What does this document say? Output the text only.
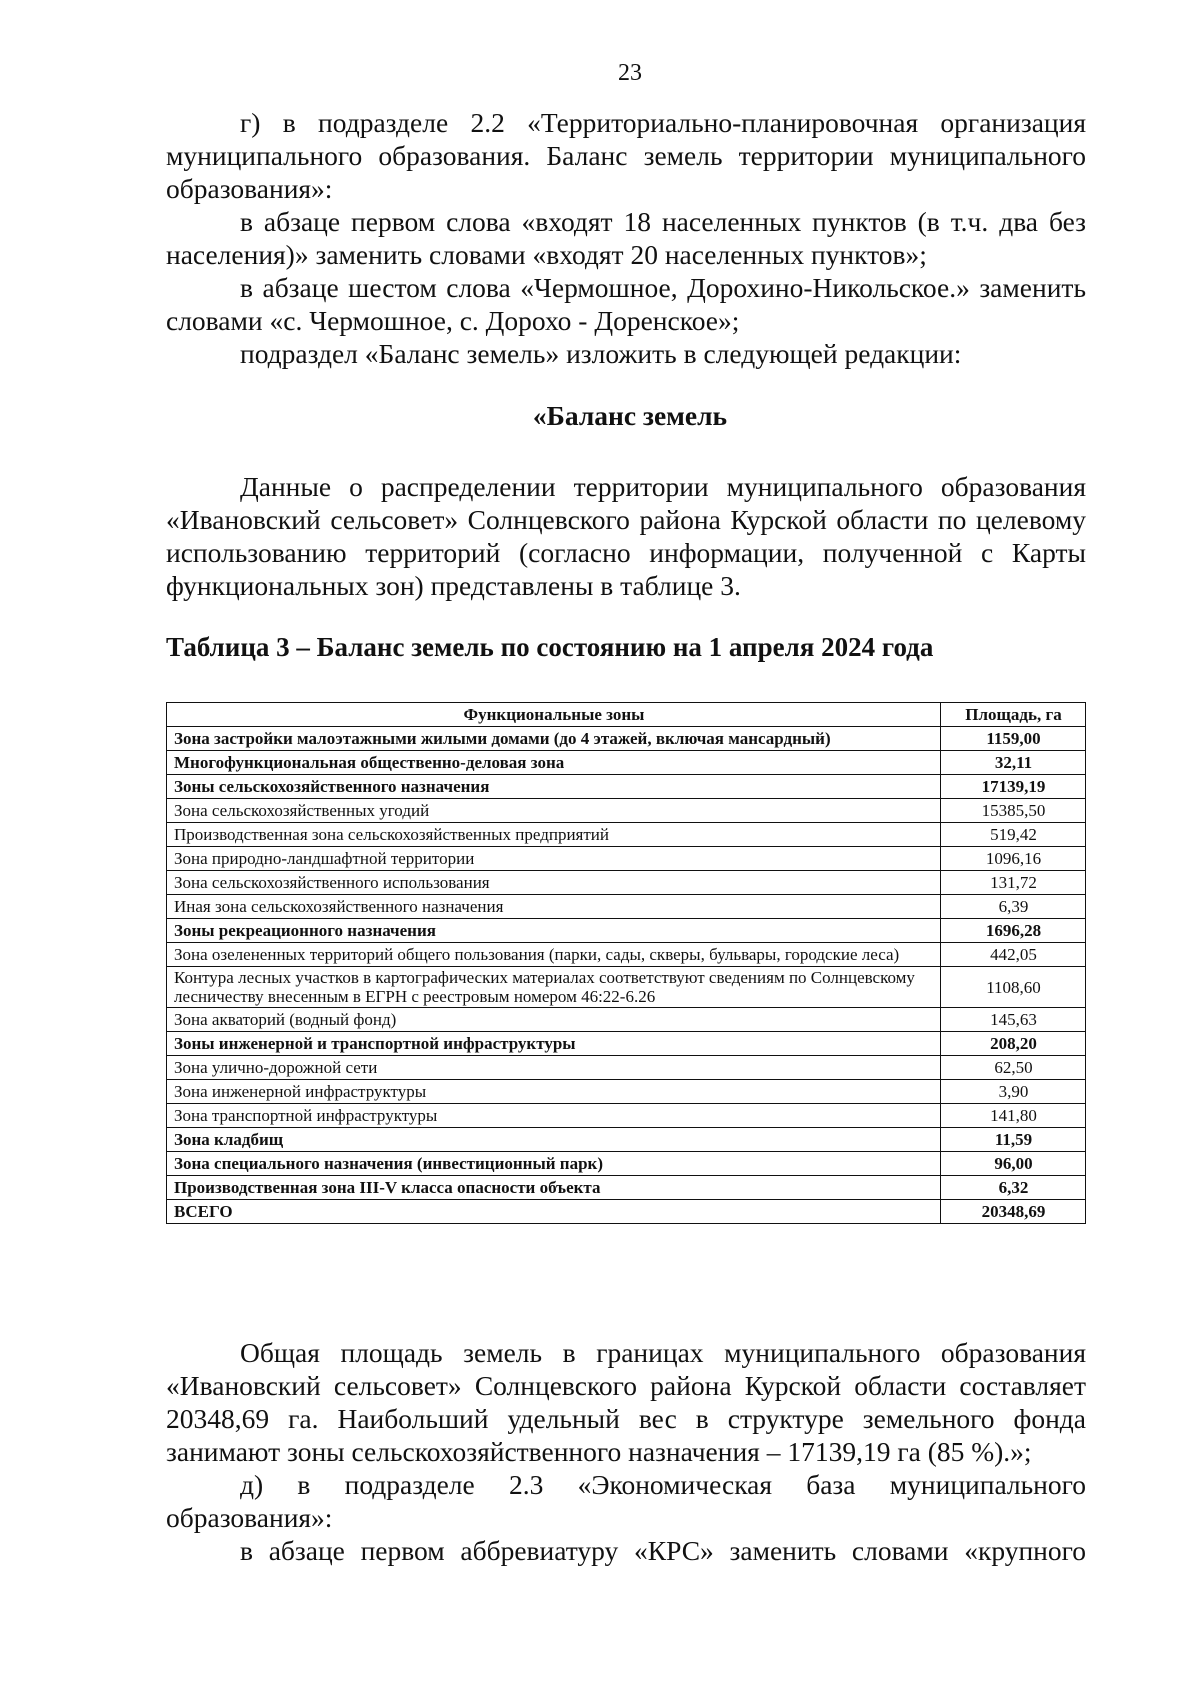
23

г) в подразделе 2.2 «Территориально-планировочная организация муниципального образования. Баланс земель территории муниципального образования»:

в абзаце первом слова «входят 18 населенных пунктов (в т.ч. два без населения)» заменить словами «входят 20 населенных пунктов»;

в абзаце шестом слова «Чермошное, Дорохино-Никольское.» заменить словами «с. Чермошное, с. Дорохо - Доренское»;

подраздел «Баланс земель» изложить в следующей редакции:

«Баланс земель

Данные о распределении территории муниципального образования «Ивановский сельсовет» Солнцевского района Курской области по целевому использованию территорий (согласно информации, полученной с Карты функциональных зон) представлены в таблице 3.

Таблица 3 – Баланс земель по состоянию на 1 апреля 2024 года
Функциональные зоны	Площадь, га
Зона застройки малоэтажными жилыми домами (до 4 этажей, включая мансардный)	1159,00
Многофункциональная общественно-деловая зона	32,11
Зоны сельскохозяйственного назначения	17139,19
Зона сельскохозяйственных угодий	15385,50
Производственная зона сельскохозяйственных предприятий	519,42
Зона природно-ландшафтной территории	1096,16
Зона сельскохозяйственного использования	131,72
Иная зона сельскохозяйственного назначения	6,39
Зоны рекреационного назначения	1696,28
Зона озелененных территорий общего пользования (парки, сады, скверы, бульвары, городские леса)	442,05
Контура лесных участков в картографических материалах соответствуют сведениям по Солнцевскому лесничеству внесенным в ЕГРН с реестровым номером 46:22-6.26	1108,60
Зона акваторий (водный фонд)	145,63
Зоны инженерной и транспортной инфраструктуры	208,20
Зона улично-дорожной сети	62,50
Зона инженерной инфраструктуры	3,90
Зона транспортной инфраструктуры	141,80
Зона кладбищ	11,59
Зона специального назначения (инвестиционный парк)	96,00
Производственная зона III-V класса опасности объекта	6,32
ВСЕГО	20348,69

Общая площадь земель в границах муниципального образования «Ивановский сельсовет» Солнцевского района Курской области составляет 20348,69 га. Наибольший удельный вес в структуре земельного фонда занимают зоны сельскохозяйственного назначения – 17139,19 га (85 %).»;

д) в подразделе 2.3 «Экономическая база муниципального образования»:

в абзаце первом аббревиатуру «КРС» заменить словами «крупного
